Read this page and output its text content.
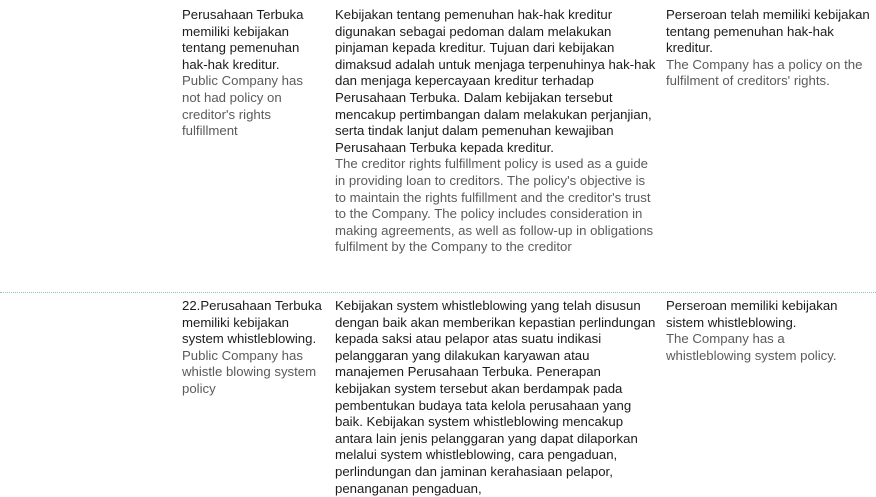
Perusahaan Terbuka memiliki kebijakan tentang pemenuhan hak-hak kreditur.

Public Company has not had policy on creditor's rights fulfillment

Kebijakan tentang pemenuhan hak-hak kreditur digunakan sebagai pedoman dalam melakukan pinjaman kepada kreditur. Tujuan dari kebijakan dimaksud adalah untuk menjaga terpenuhinya hak-hak dan menjaga kepercayaan kreditur terhadap Perusahaan Terbuka. Dalam kebijakan tersebut mencakup pertimbangan dalam melakukan perjanjian, serta tindak lanjut dalam pemenuhan kewajiban Perusahaan Terbuka kepada kreditur.

The creditor rights fulfillment policy is used as a guide in providing loan to creditors. The policy's objective is to maintain the rights fulfillment and the creditor's trust to the Company. The policy includes consideration in making agreements, as well as follow-up in obligations fulfilment by the Company to the creditor

Perseroan telah memiliki kebijakan tentang pemenuhan hak-hak kreditur.

The Company has a policy on the fulfilment of creditors' rights.

22.Perusahaan Terbuka memiliki kebijakan system whistleblowing.

Public Company has whistle blowing system policy

Kebijakan system whistleblowing yang telah disusun dengan baik akan memberikan kepastian perlindungan kepada saksi atau pelapor atas suatu indikasi pelanggaran yang dilakukan karyawan atau manajemen Perusahaan Terbuka. Penerapan kebijakan system tersebut akan berdampak pada pembentukan budaya tata kelola perusahaan yang baik. Kebijakan system whistleblowing mencakup antara lain jenis pelanggaran yang dapat dilaporkan melalui system whistleblowing, cara pengaduan, perlindungan dan jaminan kerahasiaan pelapor, penanganan pengaduan,

Perseroan memiliki kebijakan sistem whistleblowing.

The Company has a whistleblowing system policy.
